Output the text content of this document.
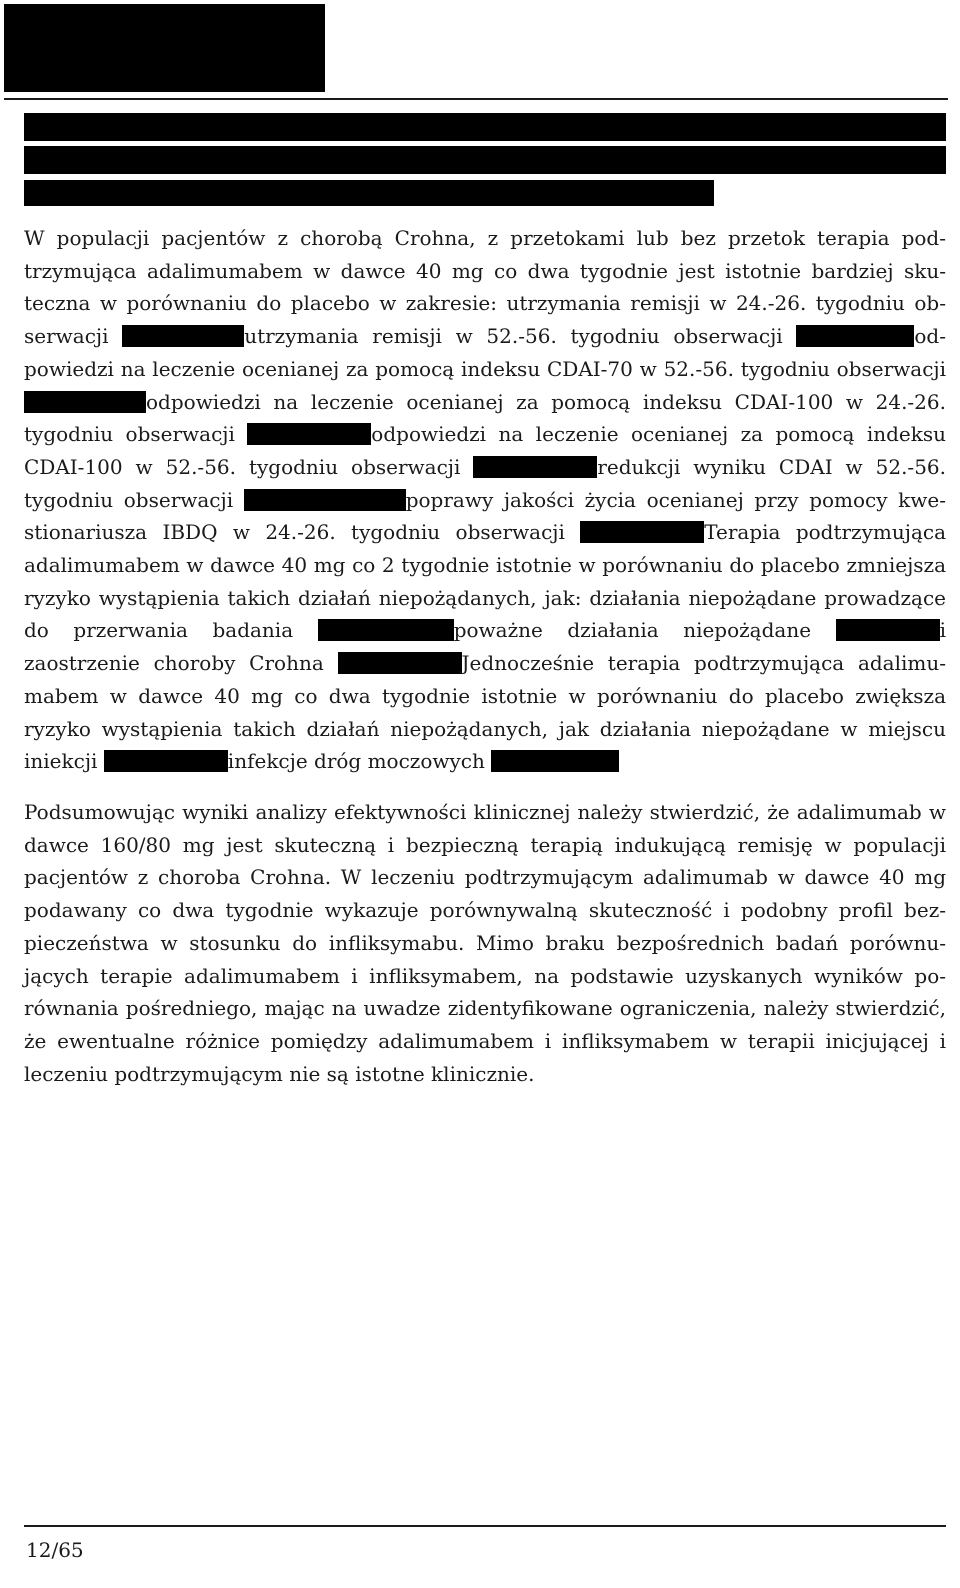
W populacji pacjentów z chorobą Crohna, z przetokami lub bez przetok terapia podtrzymująca adalimumabem w dawce 40 mg co dwa tygodnie jest istotnie bardziej skuteczna w porównaniu do placebo w zakresie: utrzymania remisji w 24.-26. tygodniu obserwacji	utrzymania remisji w 52.-56. tygodniu obserwacji	odpowiedzi na leczenie ocenianej za pomocą indeksu CDAI-70 w 52.-56. tygodniu obserwacji odpowiedzi na leczenie ocenianej za pomocą indeksu CDAI-100 w 24.-26. tygodniu obserwacji	odpowiedzi na leczenie ocenianej za pomocą indeksu CDAI-100 w 52.-56. tygodniu obserwacji	redukcji wyniku CDAI w 52.-56. tygodniu obserwacji	poprawy jakości życia ocenianej przy pomocy kwestionariusza IBDQ w 24.-26. tygodniu obserwacji	Terapia podtrzymująca adalimumabem w dawce 40 mg co 2 tygodnie istotnie w porównaniu do placebo zmniejsza ryzyko wystąpienia takich działań niepożądanych, jak: działania niepożądane prowadzące do przerwania badania	poważne działania niepożądane	i zaostrzenie choroby Crohna	Jednocześnie terapia podtrzymująca adalimumabem w dawce 40 mg co dwa tygodnie istotnie w porównaniu do placebo zwiększa ryzyko wystąpienia takich działań niepożądanych, jak działania niepożądane w miejscu iniekcji	infekcje dróg moczowych
Podsumowując wyniki analizy efektywności klinicznej należy stwierdzić, że adalimumab w dawce 160/80 mg jest skuteczną i bezpieczną terapią indukującą remisję w populacji pacjentów z choroba Crohna. W leczeniu podtrzymującym adalimumab w dawce 40 mg podawany co dwa tygodnie wykazuje porównywalną skuteczność i podobny profil bezpieczeństwa w stosunku do infliksymabu. Mimo braku bezpośrednich badań porównujących terapie adalimumabem i infliksymabem, na podstawie uzyskanych wyników porównania pośredniego, mając na uwadze zidentyfikowane ograniczenia, należy stwierdzić, że ewentualne różnice pomiędzy adalimumabem i infliksymabem w terapii inicjującej i leczeniu podtrzymującym nie są istotne klinicznie.
12/65
